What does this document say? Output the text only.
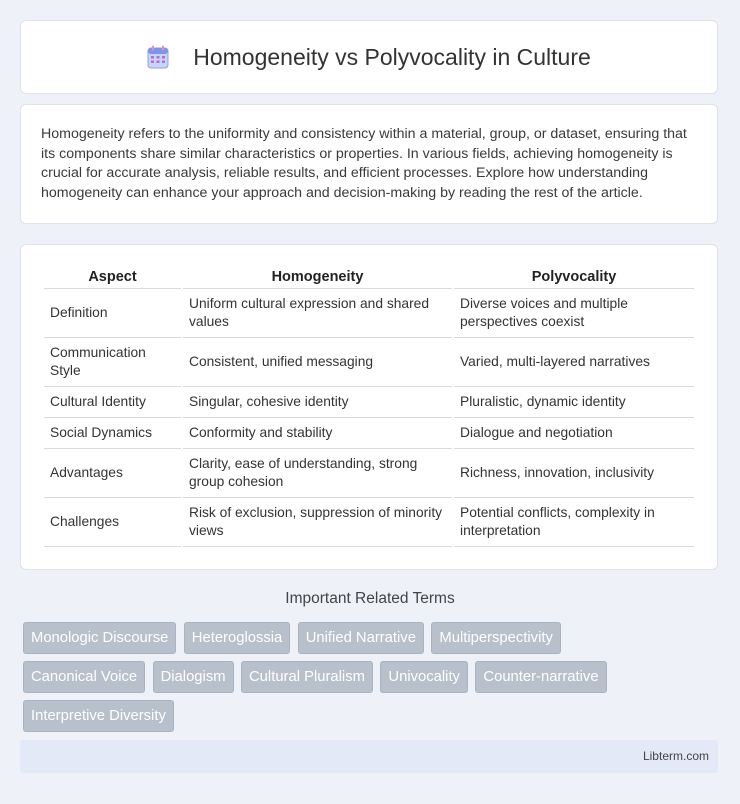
Homogeneity vs Polyvocality in Culture

Homogeneity refers to the uniformity and consistency within a material, group, or dataset, ensuring that its components share similar characteristics or properties. In various fields, achieving homogeneity is crucial for accurate analysis, reliable results, and efficient processes. Explore how understanding homogeneity can enhance your approach and decision-making by reading the rest of the article.

Aspect	Homogeneity	Polyvocality
Definition	Uniform cultural expression and shared values	Diverse voices and multiple perspectives coexist
Communication Style	Consistent, unified messaging	Varied, multi-layered narratives
Cultural Identity	Singular, cohesive identity	Pluralistic, dynamic identity
Social Dynamics	Conformity and stability	Dialogue and negotiation
Advantages	Clarity, ease of understanding, strong group cohesion	Richness, innovation, inclusivity
Challenges	Risk of exclusion, suppression of minority views	Potential conflicts, complexity in interpretation
Important Related Terms
Monologic Discourse Heteroglossia Unified Narrative Multiperspectivity
Canonical Voice Dialogism Cultural Pluralism Univocality Counter-narrative
Interpretive Diversity
Libterm.com
